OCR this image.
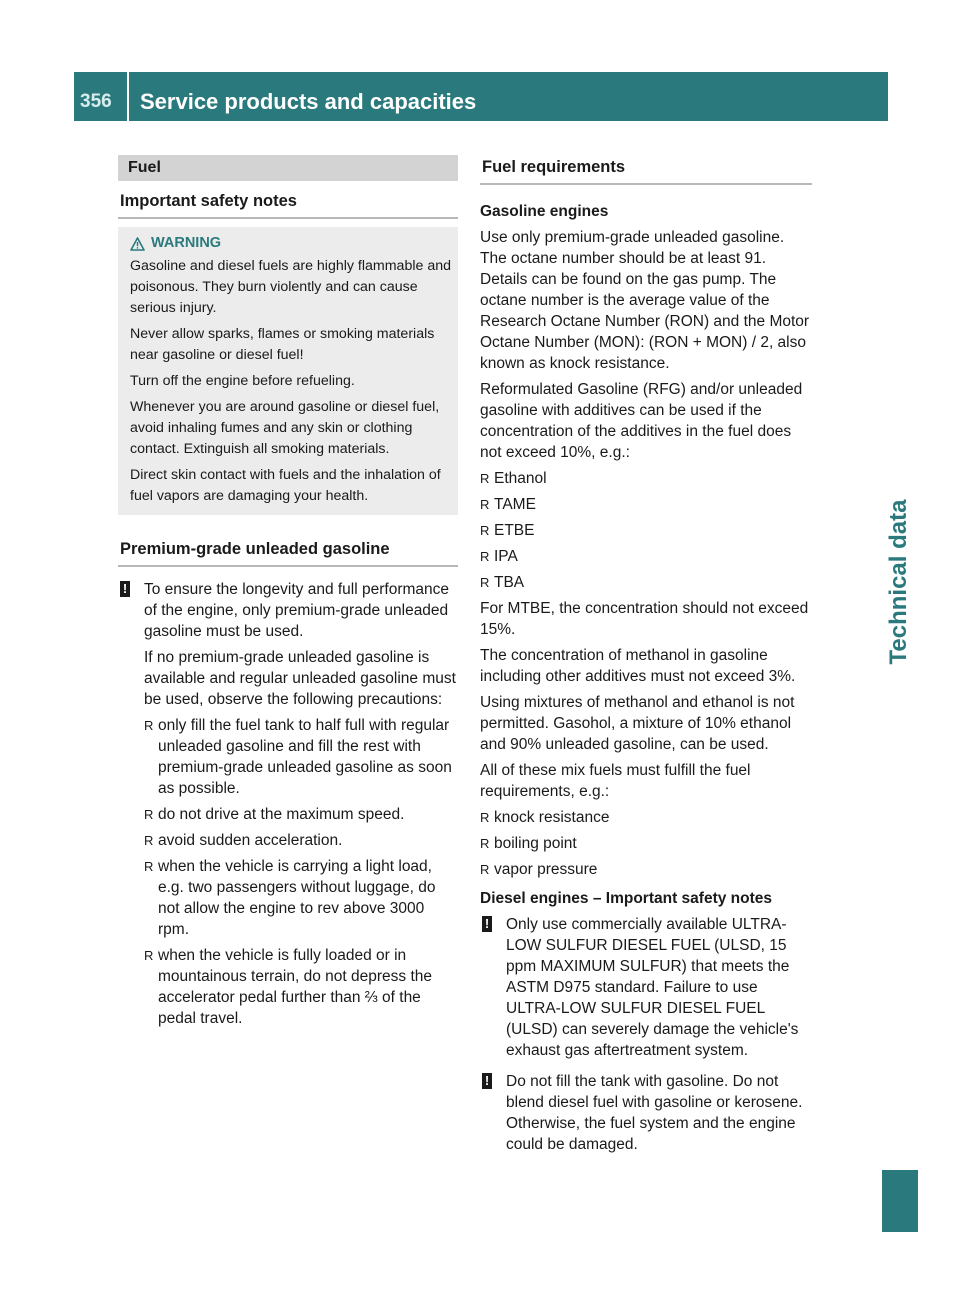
356	Service products and capacities
Technical data
Fuel
Important safety notes
WARNING

Gasoline and diesel fuels are highly flammable and poisonous. They burn violently and can cause serious injury.

Never allow sparks, flames or smoking materials near gasoline or diesel fuel!

Turn off the engine before refueling.

Whenever you are around gasoline or diesel fuel, avoid inhaling fumes and any skin or clothing contact. Extinguish all smoking materials.

Direct skin contact with fuels and the inhalation of fuel vapors are damaging your health.

Premium-grade unleaded gasoline
! To ensure the longevity and full performance of the engine, only premium-grade unleaded gasoline must be used.

If no premium-grade unleaded gasoline is available and regular unleaded gasoline must be used, observe the following precautions:

R only fill the fuel tank to half full with regular unleaded gasoline and fill the rest with premium-grade unleaded gasoline as soon as possible.
R do not drive at the maximum speed.
R avoid sudden acceleration.
R when the vehicle is carrying a light load, e.g. two passengers without luggage, do not allow the engine to rev above 3000 rpm.
R when the vehicle is fully loaded or in mountainous terrain, do not depress the accelerator pedal further than ⅔ of the pedal travel.
Fuel requirements

Gasoline engines

Use only premium-grade unleaded gasoline. The octane number should be at least 91. Details can be found on the gas pump. The octane number is the average value of the Research Octane Number (RON) and the Motor Octane Number (MON): (RON + MON) / 2, also known as knock resistance.

Reformulated Gasoline (RFG) and/or unleaded gasoline with additives can be used if the concentration of the additives in the fuel does not exceed 10%, e.g.:

R Ethanol
R TAME
R ETBE
R IPA
R TBA

For MTBE, the concentration should not exceed 15%.

The concentration of methanol in gasoline including other additives must not exceed 3%.

Using mixtures of methanol and ethanol is not permitted. Gasohol, a mixture of 10% ethanol and 90% unleaded gasoline, can be used.

All of these mix fuels must fulfill the fuel requirements, e.g.:

R knock resistance
R boiling point
R vapor pressure

Diesel engines – Important safety notes

! Only use commercially available ULTRA-LOW SULFUR DIESEL FUEL (ULSD, 15 ppm MAXIMUM SULFUR) that meets the ASTM D975 standard. Failure to use ULTRA-LOW SULFUR DIESEL FUEL (ULSD) can severely damage the vehicle's exhaust gas aftertreatment system.

! Do not fill the tank with gasoline. Do not blend diesel fuel with gasoline or kerosene. Otherwise, the fuel system and the engine could be damaged.
